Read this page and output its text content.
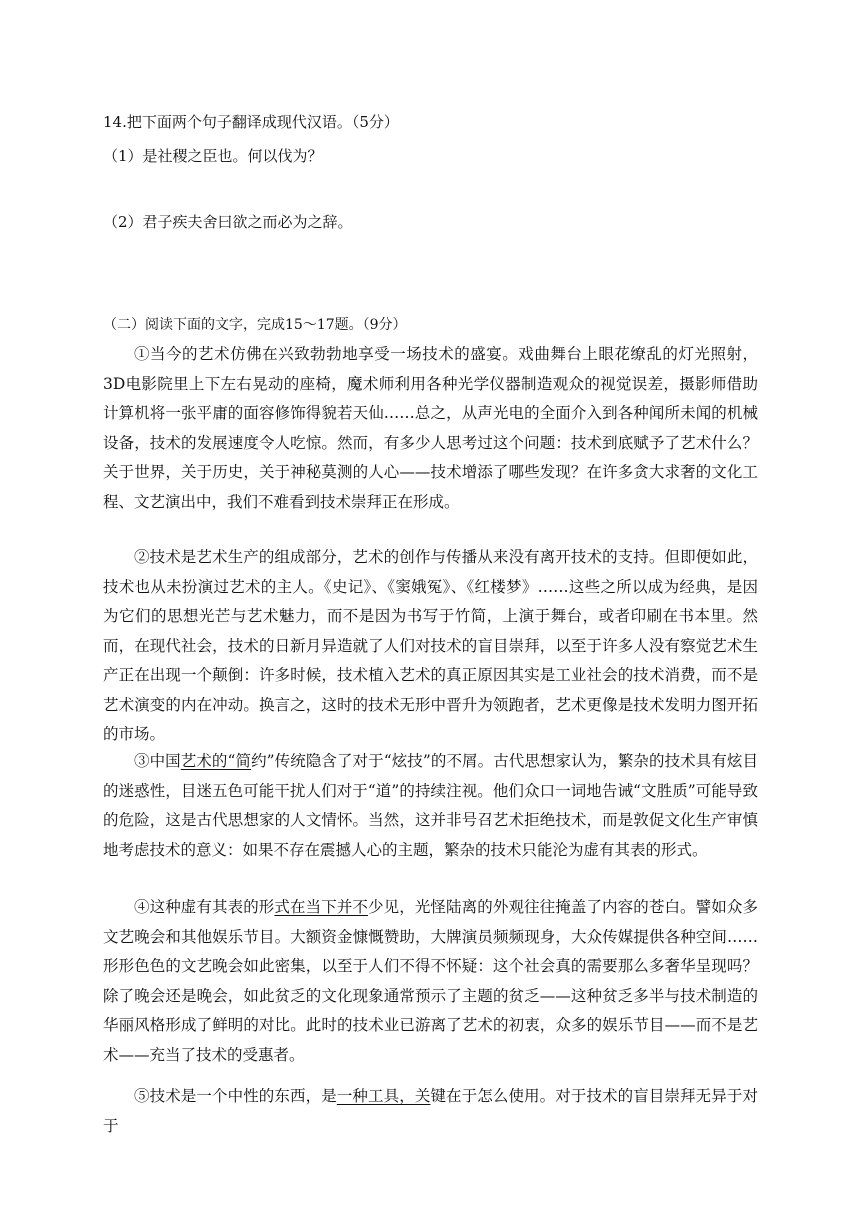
14.把下面两个句子翻译成现代汉语。（5分）
（1）是社稷之臣也。何以伐为？
（2）君子疾夫舍曰欲之而必为之辞。
（二）阅读下面的文字，完成15～17题。（9分）

①当今的艺术仿佛在兴致勃勃地享受一场技术的盛宴。戏曲舞台上眼花缭乱的灯光照射，3D电影院里上下左右晃动的座椅，魔术师利用各种光学仪器制造观众的视觉误差，摄影师借助计算机将一张平庸的面容修饰得貌若天仙……总之，从声光电的全面介入到各种闻所未闻的机械设备，技术的发展速度令人吃惊。然而，有多少人思考过这个问题：技术到底赋予了艺术什么？关于世界，关于历史，关于神秘莫测的人心——技术增添了哪些发现？在许多贪大求奢的文化工程、文艺演出中，我们不难看到技术崇拜正在形成。

②技术是艺术生产的组成部分，艺术的创作与传播从来没有离开技术的支持。但即便如此，技术也从未扮演过艺术的主人。《史记》、《窦娥冤》、《红楼梦》……这些之所以成为经典，是因为它们的思想光芒与艺术魅力，而不是因为书写于竹简，上演于舞台，或者印刷在书本里。然而，在现代社会，技术的日新月异造就了人们对技术的盲目崇拜，以至于许多人没有察觉艺术生产正在出现一个颠倒：许多时候，技术植入艺术的真正原因其实是工业社会的技术消费，而不是艺术演变的内在冲动。换言之，这时的技术无形中晋升为领跑者，艺术更像是技术发明力图开拓的市场。

③中国艺术的“简约”传统隐含了对于“炫技”的不屑。古代思想家认为，繁杂的技术具有炫目的迷惑性，目迷五色可能干扰人们对于“道”的持续注视。他们众口一词地告诫“文胜质”可能导致的危险，这是古代思想家的人文情怀。当然，这并非号召艺术拒绝技术，而是敦促文化生产审慎地考虑技术的意义：如果不存在震撼人心的主题，繁杂的技术只能沦为虚有其表的形式。

④这种虚有其表的形式在当下并不少见，光怪陆离的外观往往掩盖了内容的苍白。譬如众多文艺晚会和其他娱乐节目。大额资金慷慨赞助，大牌演员频频现身，大众传媒提供各种空间……形形色色的文艺晚会如此密集，以至于人们不得不怀疑：这个社会真的需要那么多奢华呈现吗？除了晚会还是晚会，如此贫乏的文化现象通常预示了主题的贫乏——这种贫乏多半与技术制造的华丽风格形成了鲜明的对比。此时的技术业已游离了艺术的初衷，众多的娱乐节目——而不是艺术——充当了技术的受惠者。

⑤技术是一个中性的东西，是一种工具，关键在于怎么使用。对于技术的盲目崇拜无异于对于
